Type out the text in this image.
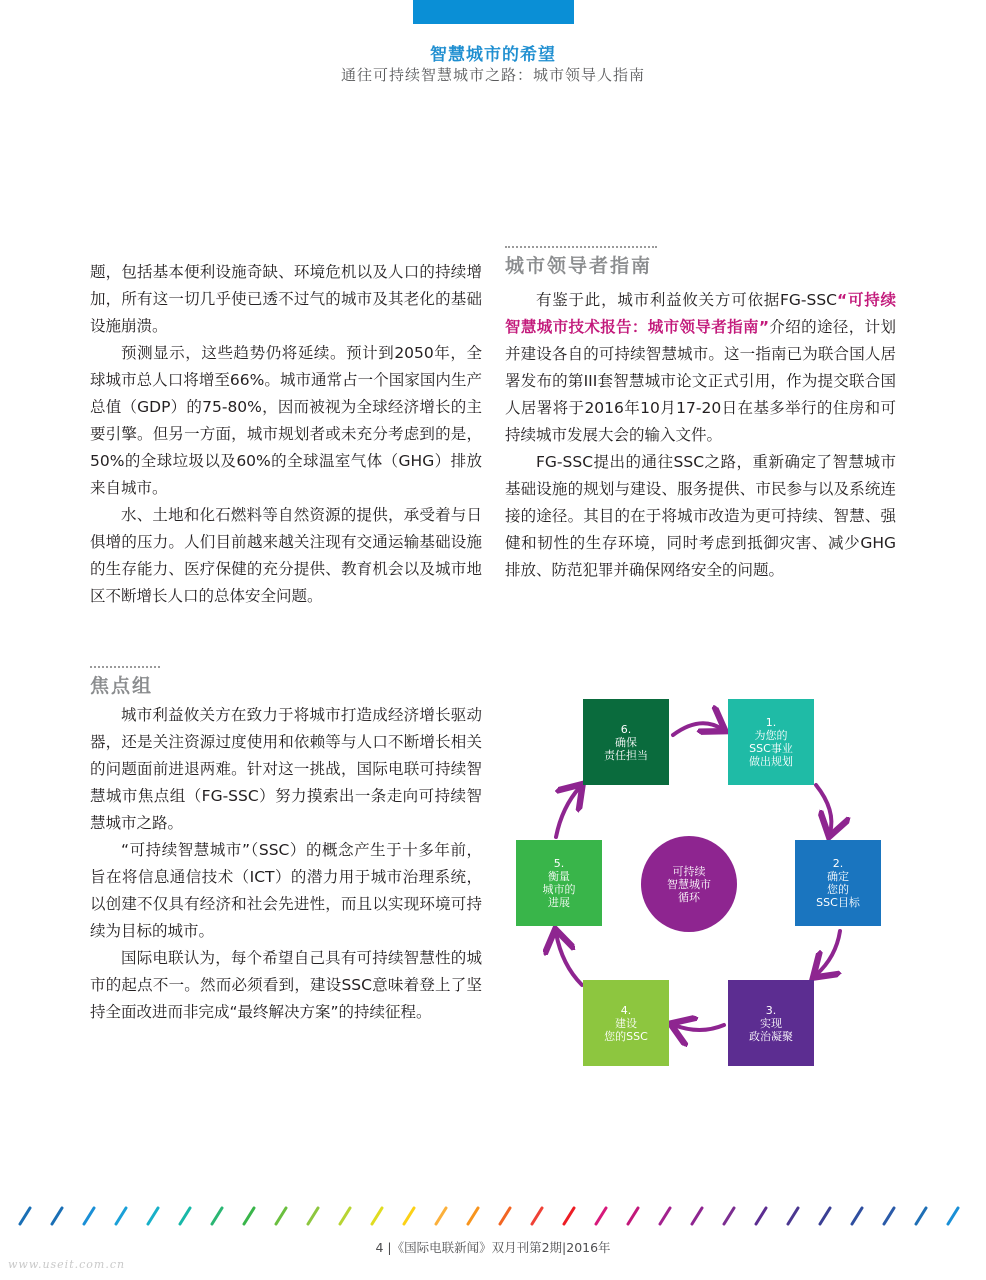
智慧城市的希望
通往可持续智慧城市之路：城市领导人指南

题，包括基本便利设施奇缺、环境危机以及人口的持续增加，所有这一切几乎使已透不过气的城市及其老化的基础设施崩溃。

预测显示，这些趋势仍将延续。预计到2050年，全球城市总人口将增至66%。城市通常占一个国家国内生产总值（GDP）的75-80%，因而被视为全球经济增长的主要引擎。但另一方面，城市规划者或未充分考虑到的是，50%的全球垃圾以及60%的全球温室气体（GHG）排放来自城市。

水、土地和化石燃料等自然资源的提供，承受着与日俱增的压力。人们目前越来越关注现有交通运输基础设施的生存能力、医疗保健的充分提供、教育机会以及城市地区不断增长人口的总体安全问题。

焦点组

城市利益攸关方在致力于将城市打造成经济增长驱动器，还是关注资源过度使用和依赖等与人口不断增长相关的问题面前进退两难。针对这一挑战，国际电联可持续智慧城市焦点组（FG-SSC）努力摸索出一条走向可持续智慧城市之路。

“可持续智慧城市”（SSC）的概念产生于十多年前，旨在将信息通信技术（ICT）的潜力用于城市治理系统，以创建不仅具有经济和社会先进性，而且以实现环境可持续为目标的城市。

国际电联认为，每个希望自己具有可持续智慧性的城市的起点不一。然而必须看到，建设SSC意味着登上了坚持全面改进而非完成“最终解决方案”的持续征程。

城市领导者指南

有鉴于此，城市利益攸关方可依据FG-SSC“可持续智慧城市技术报告：城市领导者指南”介绍的途径，计划并建设各自的可持续智慧城市。这一指南已为联合国人居署发布的第III套智慧城市论文正式引用，作为提交联合国人居署将于2016年10月17-20日在基多举行的住房和可持续城市发展大会的输入文件。

FG-SSC提出的通往SSC之路，重新确定了智慧城市基础设施的规划与建设、服务提供、市民参与以及系统连接的途径。其目的在于将城市改造为更可持续、智慧、强健和韧性的生存环境，同时考虑到抵御灾害、减少GHG排放、防范犯罪并确保网络安全的问题。

1.
为您的
SSC事业
做出规划
2.
确定
您的
SSC目标
3.
实现
政治凝聚
4.
建设
您的SSC
5.
衡量
城市的
进展
6.
确保
责任担当
可持续
智慧城市
循环
4 |《国际电联新闻》双月刊第2期|2016年
www.useit.com.cn
